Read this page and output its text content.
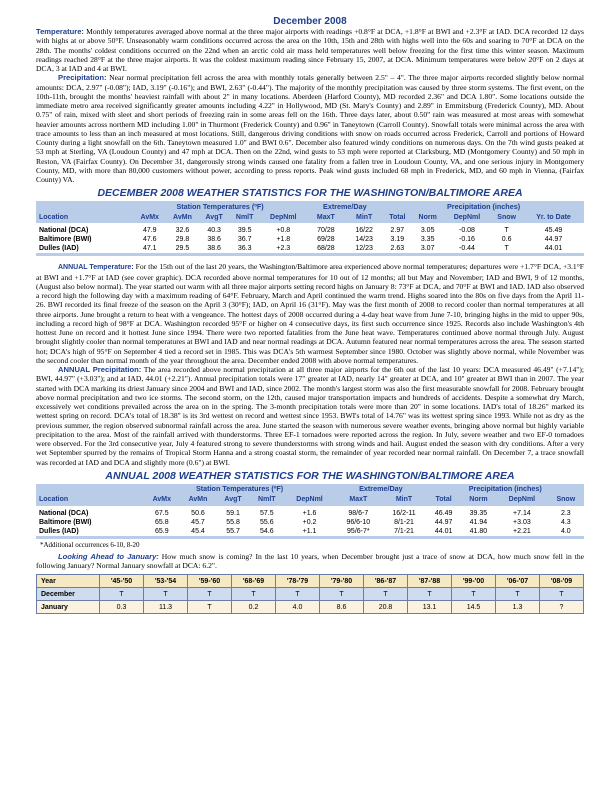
December 2008

Temperature: Monthly temperatures averaged above normal at the three major airports with readings +0.8°F at DCA, +1.8°F at BWI and +2.3°F at IAD. DCA recorded 12 days with highs at or above 50°F. Unseasonably warm conditions occurred across the area on the 10th, 15th and 28th with highs well into the 60s and soaring to 70°F at DCA on the 28th. The months' coldest conditions occurred on the 22nd when an arctic cold air mass held temperatures well below freezing for the first time this winter season. Maximum readings reached 28°F at the three major airports. It was the coldest maximum reading since February 15, 2007, at DCA. Minimum temperatures were below 20°F on 2 days at DCA, 3 at IAD and 4 at BWI.

Precipitation: Near normal precipitation fell across the area with monthly totals generally between 2.5" – 4". The three major airports recorded slightly below normal amounts: DCA, 2.97" (-0.08"); IAD, 3.19" (-0.16"); and BWI, 2.63" (-0.44"). The majority of the monthly precipitation was caused by three storm systems. The first event, on the 10th-11th, brought the months' heaviest rainfall with about 2" in many locations. Aberdeen (Harford County), MD recorded 2.36" and DCA 1.80". Some locations outside the immediate metro area received significantly greater amounts including 4.22" in Hollywood, MD (St. Mary's County) and 2.89" in Emmitsburg (Frederick County), MD. About 0.75" of rain, mixed with sleet and short periods of freezing rain in some areas fell on the 16th. Three days later, about 0.50" rain was measured at most areas with somewhat heavier amounts across northern MD including 1.00" in Thurmont (Frederick County) and 0.96" in Taneytown (Carroll County). Snowfall totals were minimal across the area with trace amounts to less than an inch measured at most locations. Still, dangerous driving conditions with snow on roads occurred across Frederick, Carroll and portions of Howard County during a light snowfall on the 6th. Taneytown measured 1.0" and BWI 0.6". December also featured windy conditions on numerous days. On the 7th wind gusts peaked at 53 mph at Sterling, VA (Loudoun County) and 47 mph at DCA. Then on the 22nd, wind gusts to 53 mph were reported at Clarksburg, MD (Montgomery County) and 50 mph in Reston, VA (Fairfax County). On December 31, dangerously strong winds caused one fatality from a fallen tree in Loudoun County, VA, and one serious injury in Montgomery County, MD, with more than 80,000 customers without power, according to press reports. Peak wind gusts included 68 mph in Frederick, MD, and 60 mph in Vienna, (Fairfax County) VA.

DECEMBER 2008 WEATHER STATISTICS FOR THE WASHINGTON/BALTIMORE AREA
	Station Temperatures (ºF)					Extreme/Day		Precipitation (inches)				
Location	AvMx	AvMn	AvgT	NmlT	DepNml	MaxT	MinT	Total	Norm	DepNml	Snow	Yr. to Date

National (DCA)	47.9	32.6	40.3	39.5	+0.8	70/28	16/22	2.97	3.05	-0.08	T	45.49
Baltimore (BWI)	47.6	29.8	38.6	36.7	+1.8	69/28	14/23	3.19	3.35	-0.16	0.6	44.97
Dulles (IAD)	47.1	29.5	38.6	36.3	+2.3	68/28	12/23	2.63	3.07	-0.44	T	44.01

ANNUAL Temperature: For the 15th out of the last 20 years, the Washington/Baltimore area experienced above normal temperatures; departures were +1.7°F DCA, +3.1°F at BWI and +1.7°F at IAD (see cover graphic). DCA recorded above normal temperatures for 10 out of 12 months; all but May and November; IAD and BWI, 9 of 12 months, (August also below normal). The year started out warm with all three major airports setting record highs on January 8: 73°F at DCA, and 70°F at BWI and IAD. IAD also observed a record high the following day with a maximum reading of 64°F. February, March and April continued the warm trend. Highs soared into the 80s on five days from the April 11-26. BWI recorded its final freeze of the season on the April 3 (30°F); IAD, on April 16 (31°F). May was the first month of 2008 to record cooler than normal temperatures at all three airports. June brought a return to heat with a vengeance. The hottest days of 2008 occurred during a 4-day heat wave from June 7-10, bringing highs in the mid to upper 90s, including a record high of 98°F at DCA. Washington recorded 95°F or higher on 4 consecutive days, its first such occurrence since 1925. Records also include Washington's 4th hottest June on record and it hottest June since 1994. There were two reported fatalities from the June heat wave. Temperatures continued above normal through July. August brought slightly cooler than normal temperatures at BWI and IAD and near normal readings at DCA. Autumn featured near normal temperatures across the area. The season started hot; DCA's high of 95°F on September 4 tied a record set in 1985. This was DCA's 5th warmest September since 1980. October was slightly above normal, while November was the second cooler than normal month of the year throughout the area. December ended 2008 with above normal temperatures.

ANNUAL Precipitation: The area recorded above normal precipitation at all three major airports for the 6th out of the last 10 years: DCA measured 46.49" (+7.14"); BWI, 44.97" (+3.03"); and at IAD, 44.01 (+2.21"). Annual precipitation totals were 17" greater at IAD, nearly 14" greater at DCA, and 10" greater at BWI than in 2007. The year started with DCA marking its driest January since 2004 and BWI and IAD, since 2002. The month's largest storm was also the first measurable snowfall for 2008. February brought above normal precipitation and two ice storms. The second storm, on the 12th, caused major transportation impacts and hundreds of accidents. Despite a somewhat dry March, excessively wet conditions prevailed across the area on in the spring. The 3-month precipitation totals were more than 20" in some locations. IAD's total of 18.26" marked its wettest spring on record. DCA's total of 18.38" is its 3rd wettest on record and wettest since 1953. BWI's total of 14.76" was its wettest spring since 1993. While not as dry as the previous summer, the region observed subnormal rainfall across the area. June started the season with numerous severe weather events, bringing above normal but highly variable precipitation to the area. Most of the rainfall arrived with thunderstorms. Three EF-1 tornadoes were reported across the region. In July, severe weather and two EF-0 tornadoes were observed. For the 3rd consecutive year, July 4 featured strong to severe thunderstorms with strong winds and hail. August ended the season with dry conditions. After a very wet September spurred by the remains of Tropical Storm Hanna and a strong coastal storm, the remainder of year recorded near normal rainfall. On December 7, a trace snowfall was recorded at IAD and DCA and slightly more (0.6") at BWI.

ANNUAL 2008 WEATHER STATISTICS FOR THE WASHINGTON/BALTIMORE AREA
	Station Temperatures (ºF)					Extreme/Day		Precipitation (inches)			
Location	AvMx	AvMn	AvgT	NmlT	DepNml	MaxT	MinT	Total	Norm	DepNml	Snow

National (DCA)	67.5	50.6	59.1	57.5	+1.6	98/6-7	16/2-11	46.49	39.35	+7.14	2.3
Baltimore (BWI)	65.8	45.7	55.8	55.6	+0.2	96/6-10	8/1-21	44.97	41.94	+3.03	4.3
Dulles (IAD)	65.9	45.4	55.7	54.6	+1.1	95/6-7*	7/1-21	44.01	41.80	+2.21	4.0

*Additional occurrences 6-10, 8-20

Looking Ahead to January: How much snow is coming? In the last 10 years, when December brought just a trace of snow at DCA, how much snow fell in the following January? Normal January snowfall at DCA: 6.2".

Year	'45-'50	'53-'54	'59-'60	'68-'69	'78-'79	'79-'80	'86-'87	'87-'88	'99-'00	'06-'07	'08-'09
December	T	T	T	T	T	T	T	T	T	T	T
January	0.3	11.3	T	0.2	4.0	8.6	20.8	13.1	14.5	1.3	?
